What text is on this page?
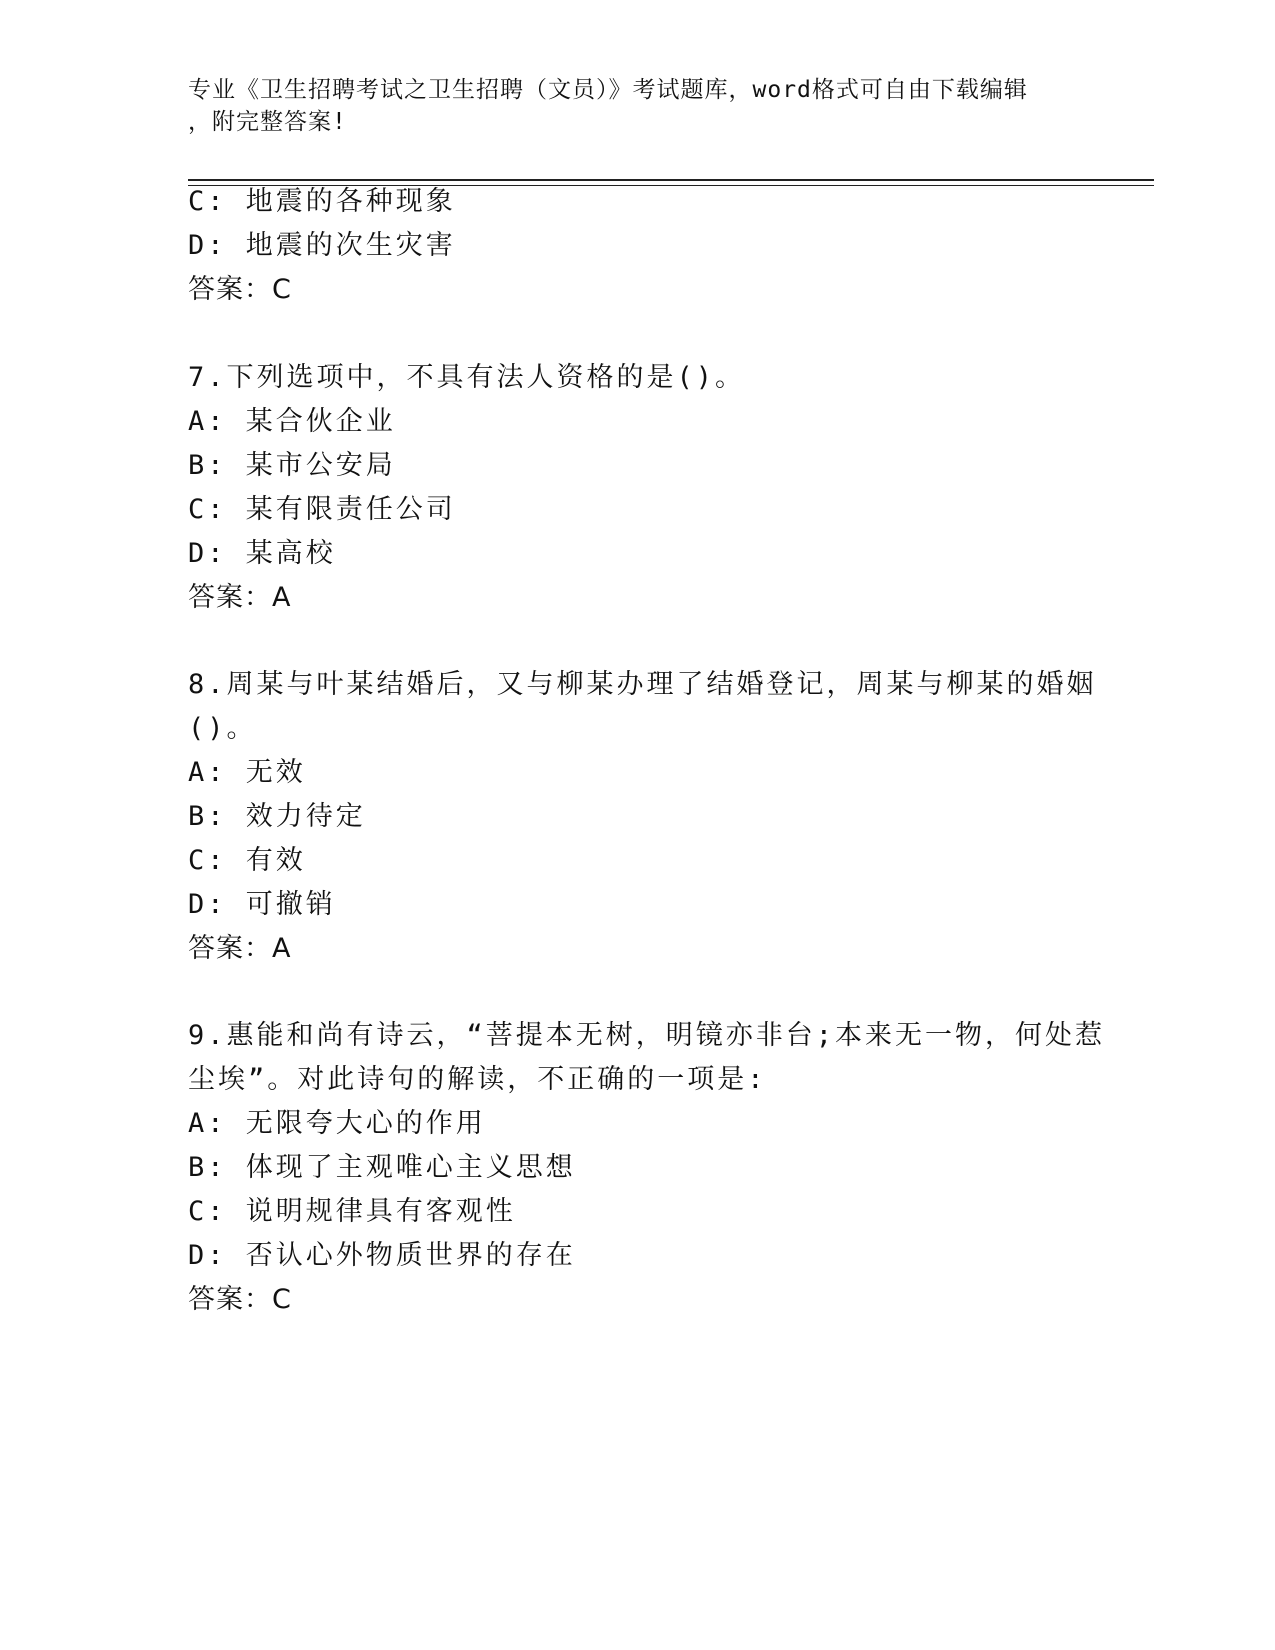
专业《卫生招聘考试之卫生招聘（文员）》考试题库，word格式可自由下载编辑
，附完整答案!
C: 地震的各种现象
D: 地震的次生灾害
答案：C
7.下列选项中，不具有法人资格的是()。
A: 某合伙企业
B: 某市公安局
C: 某有限责任公司
D: 某高校
答案：A
8.周某与叶某结婚后，又与柳某办理了结婚登记，周某与柳某的婚姻
()。
A: 无效
B: 效力待定
C: 有效
D: 可撤销
答案：A
9.惠能和尚有诗云，“菩提本无树，明镜亦非台;本来无一物，何处惹
尘埃”。对此诗句的解读，不正确的一项是:
A: 无限夸大心的作用
B: 体现了主观唯心主义思想
C: 说明规律具有客观性
D: 否认心外物质世界的存在
答案：C
